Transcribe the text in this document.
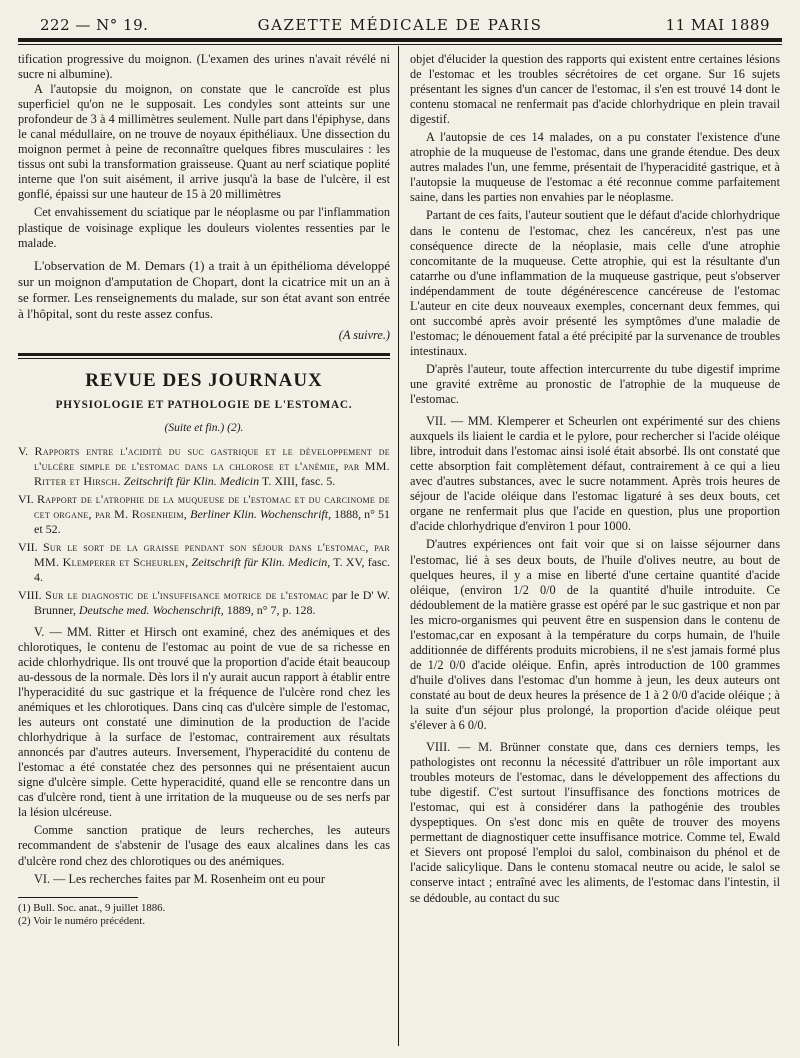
222 — N° 19.	GAZETTE MÉDICALE DE PARIS	11 MAI 1889

tification progressive du moignon. (L'examen des urines n'avait révélé ni sucre ni albumine).

A l'autopsie du moignon, on constate que le cancroïde est plus superficiel qu'on ne le supposait. Les condyles sont atteints sur une profondeur de 3 à 4 millimètres seulement. Nulle part dans l'épiphyse, dans le canal médullaire, on ne trouve de noyaux épithéliaux. Une dissection du moignon permet à peine de reconnaître quelques fibres musculaires : les tissus ont subi la transformation graisseuse. Quant au nerf sciatique poplité interne que l'on suit aisément, il arrive jusqu'à la base de l'ulcère, il est gonflé, épaissi sur une hauteur de 15 à 20 millimètres

Cet envahissement du sciatique par le néoplasme ou par l'inflammation plastique de voisinage explique les douleurs violentes ressenties par le malade.

L'observation de M. Demars (1) a trait à un épithélioma développé sur un moignon d'amputation de Chopart, dont la cicatrice mit un an à se former. Les renseignements du malade, sur son état avant son entrée à l'hôpital, sont du reste assez confus.

(A suivre.)
REVUE DES JOURNAUX
PHYSIOLOGIE ET PATHOLOGIE DE L'ESTOMAC.
(Suite et fin.) (2).
V. Rapports entre l'acidité du suc gastrique et le développement de l'ulcère simple de l'estomac dans la chlorose et l'anémie, par MM. Ritter et Hirsch. Zeitschrift für Klin. Medicin T. XIII, fasc. 5.
VI. Rapport de l'atrophie de la muqueuse de l'estomac et du carcinome de cet organe, par M. Rosenheim, Berliner Klin. Wochenschrift, 1888, n° 51 et 52.
VII. Sur le sort de la graisse pendant son séjour dans l'estomac, par MM. Klemperer et Scheurlen, Zeitschrift für Klin. Medicin, T. XV, fasc. 4.
VIII. Sur le diagnostic de l'insuffisance motrice de l'estomac par le D' W. Brunner, Deutsche med. Wochenschrift, 1889, n° 7, p. 128.

V. — MM. Ritter et Hirsch ont examiné, chez des anémiques et des chlorotiques, le contenu de l'estomac au point de vue de sa richesse en acide chlorhydrique. Ils ont trouvé que la proportion d'acide était beaucoup au-dessous de la normale. Dès lors il n'y aurait aucun rapport à établir entre l'hyperacidité du suc gastrique et la fréquence de l'ulcère rond chez les anémiques et les chlorotiques. Dans cinq cas d'ulcère simple de l'estomac, les auteurs ont constaté une diminution de la production de l'acide chlorhydrique à la surface de l'estomac, contrairement aux résultats annoncés par d'autres auteurs. Inversement, l'hyperacidité du contenu de l'estomac a été constatée chez des personnes qui ne présentaient aucun signe d'ulcère simple. Cette hyperacidité, quand elle se rencontre dans un cas d'ulcère rond, tient à une irritation de la muqueuse ou de ses nerfs par la lésion ulcéreuse.

Comme sanction pratique de leurs recherches, les auteurs recommandent de s'abstenir de l'usage des eaux alcalines dans les cas d'ulcère rond chez des chlorotiques ou des anémiques.

VI. — Les recherches faites par M. Rosenheim ont eu pour

(1) Bull. Soc. anat., 9 juillet 1886.

(2) Voir le numéro précédent.

objet d'élucider la question des rapports qui existent entre certaines lésions de l'estomac et les troubles sécrétoires de cet organe. Sur 16 sujets présentant les signes d'un cancer de l'estomac, il s'en est trouvé 14 dont le contenu stomacal ne renfermait pas d'acide chlorhydrique en plein travail digestif.

A l'autopsie de ces 14 malades, on a pu constater l'existence d'une atrophie de la muqueuse de l'estomac, dans une grande étendue. Des deux autres malades l'un, une femme, présentait de l'hyperacidité gastrique, et à l'autopsie la muqueuse de l'estomac a été reconnue comme parfaitement saine, dans les parties non envahies par le néoplasme.

Partant de ces faits, l'auteur soutient que le défaut d'acide chlorhydrique dans le contenu de l'estomac, chez les cancéreux, n'est pas une conséquence directe de la néoplasie, mais celle d'une atrophie concomitante de la muqueuse. Cette atrophie, qui est la résultante d'un catarrhe ou d'une inflammation de la muqueuse gastrique, peut s'observer indépendamment de toute dégénérescence cancéreuse de l'estomac L'auteur en cite deux nouveaux exemples, concernant deux femmes, qui ont succombé après avoir présenté les symptômes d'une maladie de l'estomac; le dénouement fatal a été précipité par la survenance de troubles intestinaux.

D'après l'auteur, toute affection intercurrente du tube digestif imprime une gravité extrême au pronostic de l'atrophie de la muqueuse de l'estomac.

VII. — MM. Klemperer et Scheurlen ont expérimenté sur des chiens auxquels ils liaient le cardia et le pylore, pour rechercher si l'acide oléique libre, introduit dans l'estomac ainsi isolé était absorbé. Ils ont constaté que cette absorption fait complètement défaut, contrairement à ce qui a lieu avec d'autres substances, avec le sucre notamment. Après trois heures de séjour de l'acide oléique dans l'estomac ligaturé à ses deux bouts, cet organe ne renfermait plus que l'acide en question, plus une proportion d'acide chlorhydrique d'environ 1 pour 1000.

D'autres expériences ont fait voir que si on laisse séjourner dans l'estomac, lié à ses deux bouts, de l'huile d'olives neutre, au bout de quelques heures, il y a mise en liberté d'une certaine quantité d'acide oléique, (environ 1/2 0/0 de la quantité d'huile introduite. Ce dédoublement de la matière grasse est opéré par le suc gastrique et non par les micro-organismes qui peuvent être en suspension dans le contenu de l'estomac,car en exposant à la température du corps humain, de l'huile additionnée de différents produits microbiens, il ne s'est jamais formé plus de 1/2 0/0 d'acide oléique. Enfin, après introduction de 100 grammes d'huile d'olives dans l'estomac d'un homme à jeun, les deux auteurs ont constaté au bout de deux heures la présence de 1 à 2 0/0 d'acide oléique ; à la suite d'un séjour plus prolongé, la proportion d'acide oléique peut s'élever à 6 0/0.

VIII. — M. Brünner constate que, dans ces derniers temps, les pathologistes ont reconnu la nécessité d'attribuer un rôle important aux troubles moteurs de l'estomac, dans le développement des affections du tube digestif. C'est surtout l'insuffisance des fonctions motrices de l'estomac, qui est à considérer dans la pathogénie des troubles dyspeptiques. On s'est donc mis en quête de trouver des moyens permettant de diagnostiquer cette insuffisance motrice. Comme tel, Ewald et Sievers ont proposé l'emploi du salol, combinaison du phénol et de l'acide salicylique. Dans le contenu stomacal neutre ou acide, le salol se conserve intact ; entraîné avec les aliments, de l'estomac dans l'intestin, il se dédouble, au contact du suc
